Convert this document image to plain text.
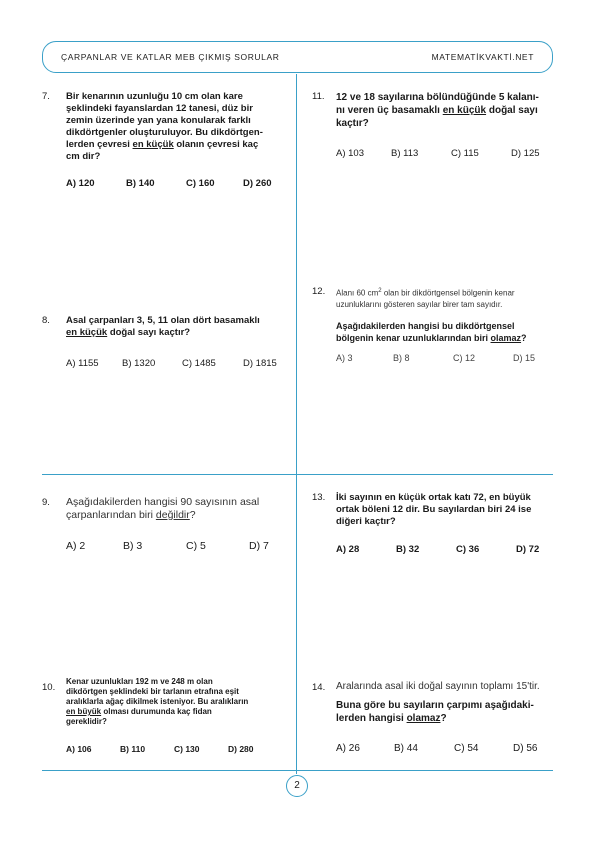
ÇARPANLAR VE KATLAR MEB ÇIKMIŞ SORULAR	MATEMATİKVAKTİ.NET
2
7. Bir kenarının uzunluğu 10 cm olan kare

şeklindeki fayanslardan 12 tanesi, düz bir

zemin üzerinde yan yana konularak farklı

dikdörtgenler oluşturuluyor. Bu dikdörtgen-

lerden çevresi en küçük olanın çevresi kaç

cm dir?

A) 120	B) 140	C) 160	D) 260
8. Asal çarpanları 3, 5, 11 olan dört basamaklı

en küçük doğal sayı kaçtır?

A) 1155 B) 1320	C) 1485	D) 1815
9. Aşağıdakilerden hangisi 90 sayısının asal

çarpanlarından biri değildir?

A) 2	B) 3	C) 5	D) 7
10.

Kenar uzunlukları 192 m ve 248 m olan

dikdörtgen şeklindeki bir tarlanın etrafına eşit

aralıklarla ağaç dikilmek isteniyor. Bu aralıkların

en büyük olması durumunda kaç fidan

gereklidir?

A) 106	B) 110	C) 130	D) 280
11. 12 ve 18 sayılarına bölündüğünde 5 kalanı-

nı veren üç basamaklı en küçük doğal sayı

kaçtır?

A) 103	B) 113	C) 115	D) 125
12. Alanı 60 $cm^2$ olan bir dikdörtgensel bölgenin kenar

uzunluklarını gösteren sayılar birer tam sayıdır.

Aşağıdakilerden hangisi bu dikdörtgensel

bölgenin kenar uzunluklarından biri olamaz?

A) 3	B) 8	C) 12	D) 15
13. İki sayının en küçük ortak katı 72, en büyük

ortak böleni 12 dir. Bu sayılardan biri 24 ise

diğeri kaçtır?

A) 28	B) 32	C) 36	D) 72
14. Aralarında asal iki doğal sayının toplamı 15'tir.

Buna göre bu sayıların çarpımı aşağıdaki-

lerden hangisi olamaz?

A) 26	B) 44	C) 54	D) 56
